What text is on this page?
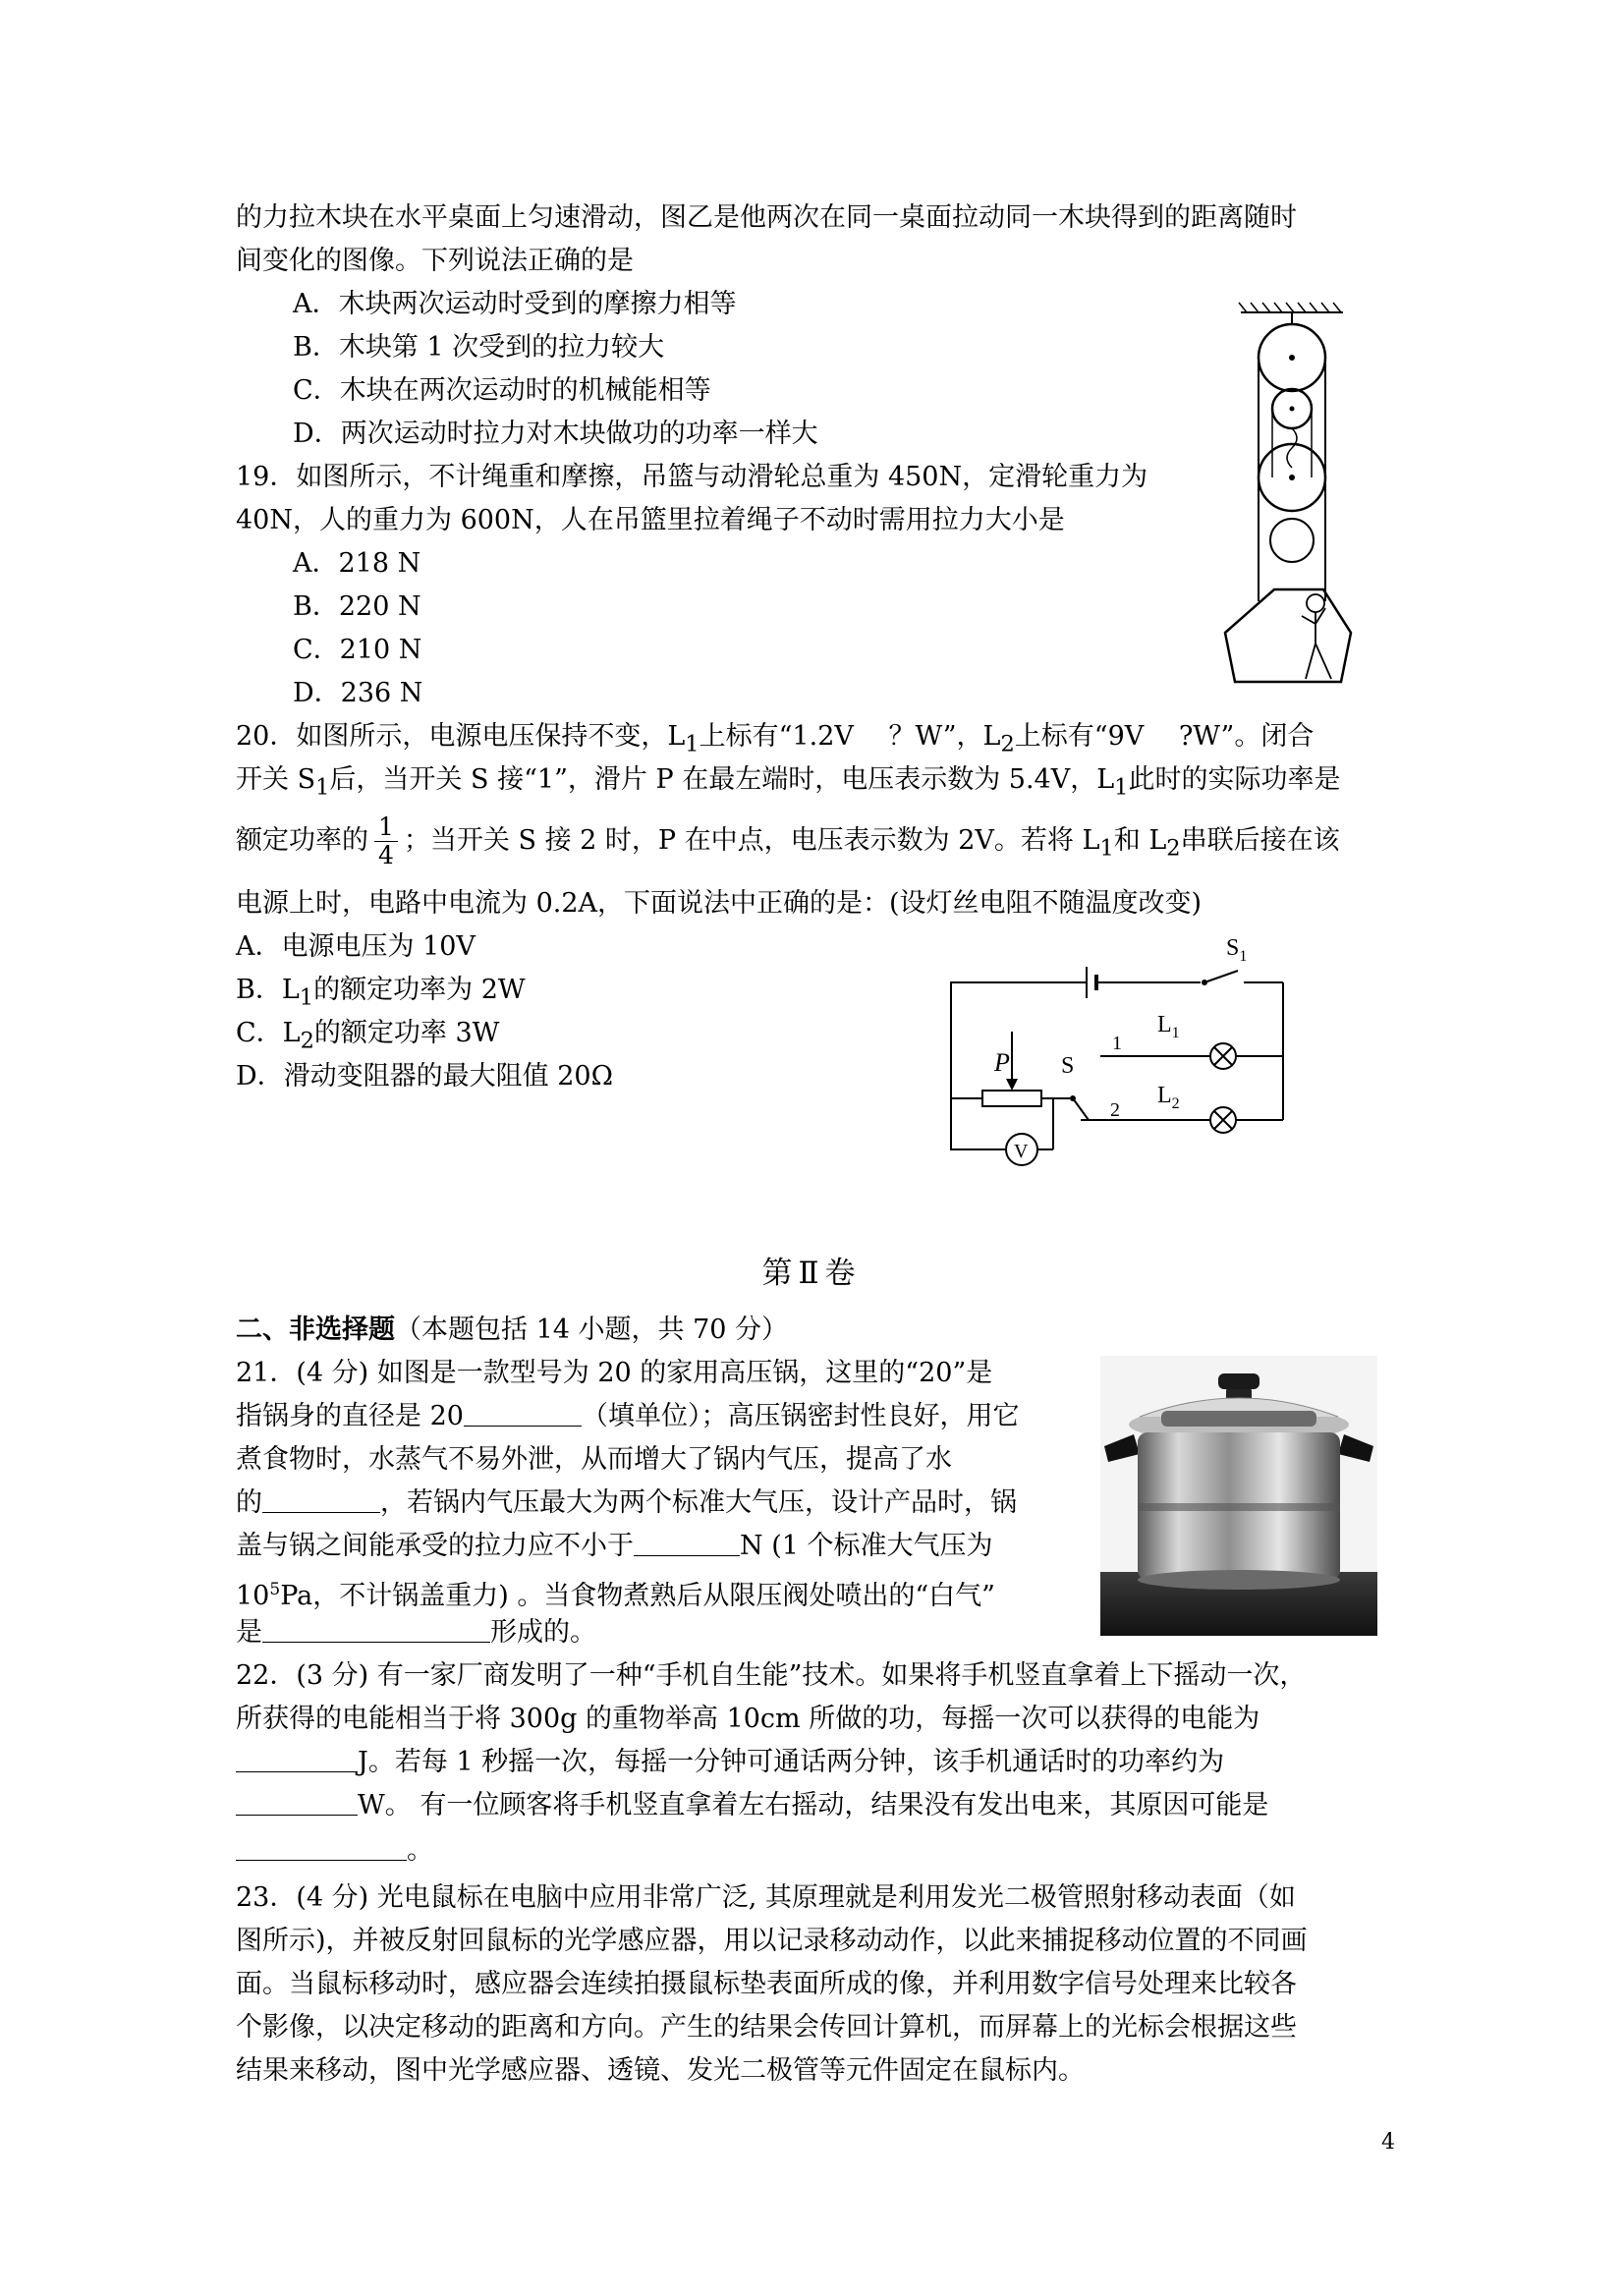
的力拉木块在水平桌面上匀速滑动，图乙是他两次在同一桌面拉动同一木块得到的距离随时
间变化的图像。下列说法正确的是
A．木块两次运动时受到的摩擦力相等
B．木块第 1 次受到的拉力较大
C．木块在两次运动时的机械能相等
D．两次运动时拉力对木块做功的功率一样大
19．如图所示，不计绳重和摩擦，吊篮与动滑轮总重为 450N，定滑轮重力为
40N，人的重力为 600N，人在吊篮里拉着绳子不动时需用拉力大小是
A．218 N
B．220 N
C．210 N
D．236 N
20．如图所示，电源电压保持不变，$L_1$上标有“1.2V　 ？W”，$L_2$上标有“9V　 ?W”。闭合
开关 $S_1$后，当开关 S 接“1”，滑片 P 在最左端时，电压表示数为 5.4V，$L_1$此时的实际功率是
额定功率的 $\frac{1}{4}$ ；当开关 S 接 2 时，P 在中点，电压表示数为 2V。若将 $L_1$和 $L_2$串联后接在该
电源上时，电路中电流为 0.2A，下面说法中正确的是：(设灯丝电阻不随温度改变)
A．电源电压为 10V
B．$L_1$的额定功率为 2W
C．$L_2$的额定功率 3W
D．滑动变阻器的最大阻值 20Ω
$S_1$
1
$L_1$
2
$L_2$
S
P
V
第Ⅱ卷
二、非选择题（本题包括 14 小题，共 70 分）
21．(4 分) 如图是一款型号为 20 的家用高压锅，这里的“20”是
指锅身的直径是 20	（填单位）；高压锅密封性良好，用它
煮食物时，水蒸气不易外泄，从而增大了锅内气压，提高了水
的	，若锅内气压最大为两个标准大气压，设计产品时，锅
盖与锅之间能承受的拉力应不小于	N (1 个标准大气压为
$10^5Pa$，不计锅盖重力) 。当食物煮熟后从限压阀处喷出的“白气”
是	形成的。
22．(3 分) 有一家厂商发明了一种“手机自生能”技术。如果将手机竖直拿着上下摇动一次，
所获得的电能相当于将 300g 的重物举高 10cm 所做的功，每摇一次可以获得的电能为
J。若每 1 秒摇一次，每摇一分钟可通话两分钟，该手机通话时的功率约为
W。 有一位顾客将手机竖直拿着左右摇动，结果没有发出电来，其原因可能是
。
23．(4 分) 光电鼠标在电脑中应用非常广泛, 其原理就是利用发光二极管照射移动表面（如
图所示)，并被反射回鼠标的光学感应器，用以记录移动动作，以此来捕捉移动位置的不同画
面。当鼠标移动时，感应器会连续拍摄鼠标垫表面所成的像，并利用数字信号处理来比较各
个影像，以决定移动的距离和方向。产生的结果会传回计算机，而屏幕上的光标会根据这些
结果来移动，图中光学感应器、透镜、发光二极管等元件固定在鼠标内。
4
